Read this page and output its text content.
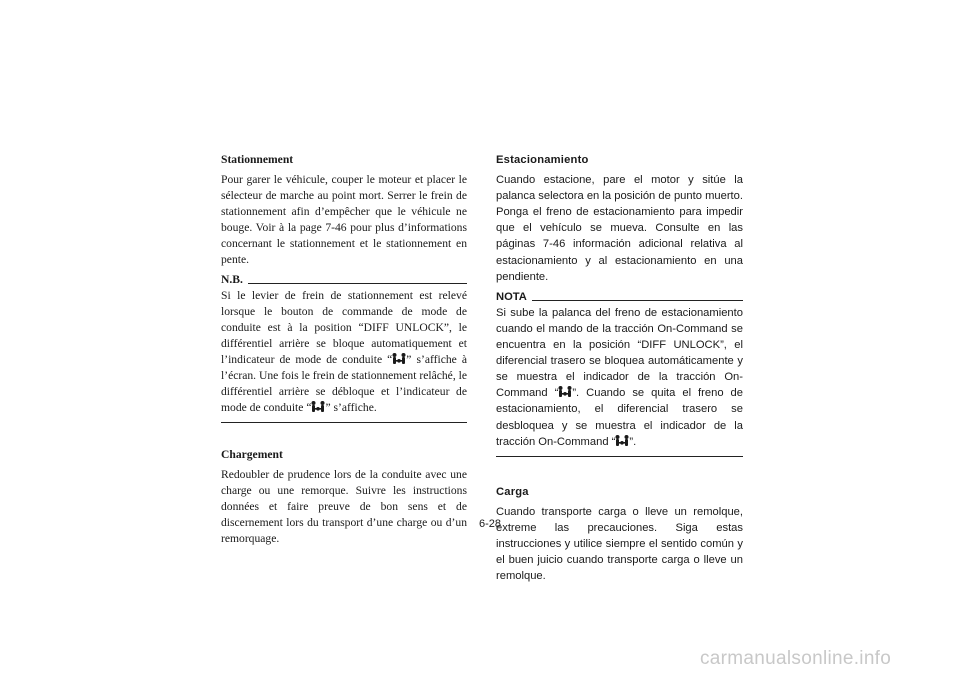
Stationnement

Pour garer le véhicule, couper le moteur et placer le sélecteur de marche au point mort. Serrer le frein de stationnement afin d’empêcher que le véhicule ne bouge. Voir à la page 7-46 pour plus d’informations concernant le stationnement et le stationnement en pente.

N.B.

Si le levier de frein de stationnement est relevé lorsque le bouton de commande de mode de conduite est à la position “DIFF UNLOCK”, le différentiel arrière se bloque automatiquement et l’indicateur de mode de conduite “ ” s’affiche à l’écran. Une fois le frein de stationnement relâché, le différentiel arrière se débloque et l’indicateur de mode de conduite “ ” s’affiche.

Chargement

Redoubler de prudence lors de la conduite avec une charge ou une remorque. Suivre les instructions données et faire preuve de bon sens et de discernement lors du transport d’une charge ou d’un remorquage.

Estacionamiento

Cuando estacione, pare el motor y sitúe la palanca selectora en la posición de punto muerto. Ponga el freno de estacionamiento para impedir que el vehículo se mueva. Consulte en las páginas 7-46 información adicional relativa al estacionamiento y al estacionamiento en una pendiente.

NOTA

Si sube la palanca del freno de estacionamiento cuando el mando de la tracción On-Command se encuentra en la posición “DIFF UNLOCK”, el diferencial trasero se bloquea automáticamente y se muestra el indicador de la tracción On-Command “ ”. Cuando se quita el freno de estacionamiento, el diferencial trasero se desbloquea y se muestra el indicador de la tracción On-Command “ ”.

Carga

Cuando transporte carga o lleve un remolque, extreme las precauciones. Siga estas instrucciones y utilice siempre el sentido común y el buen juicio cuando transporte carga o lleve un remolque.

6-28
carmanualsonline.info
